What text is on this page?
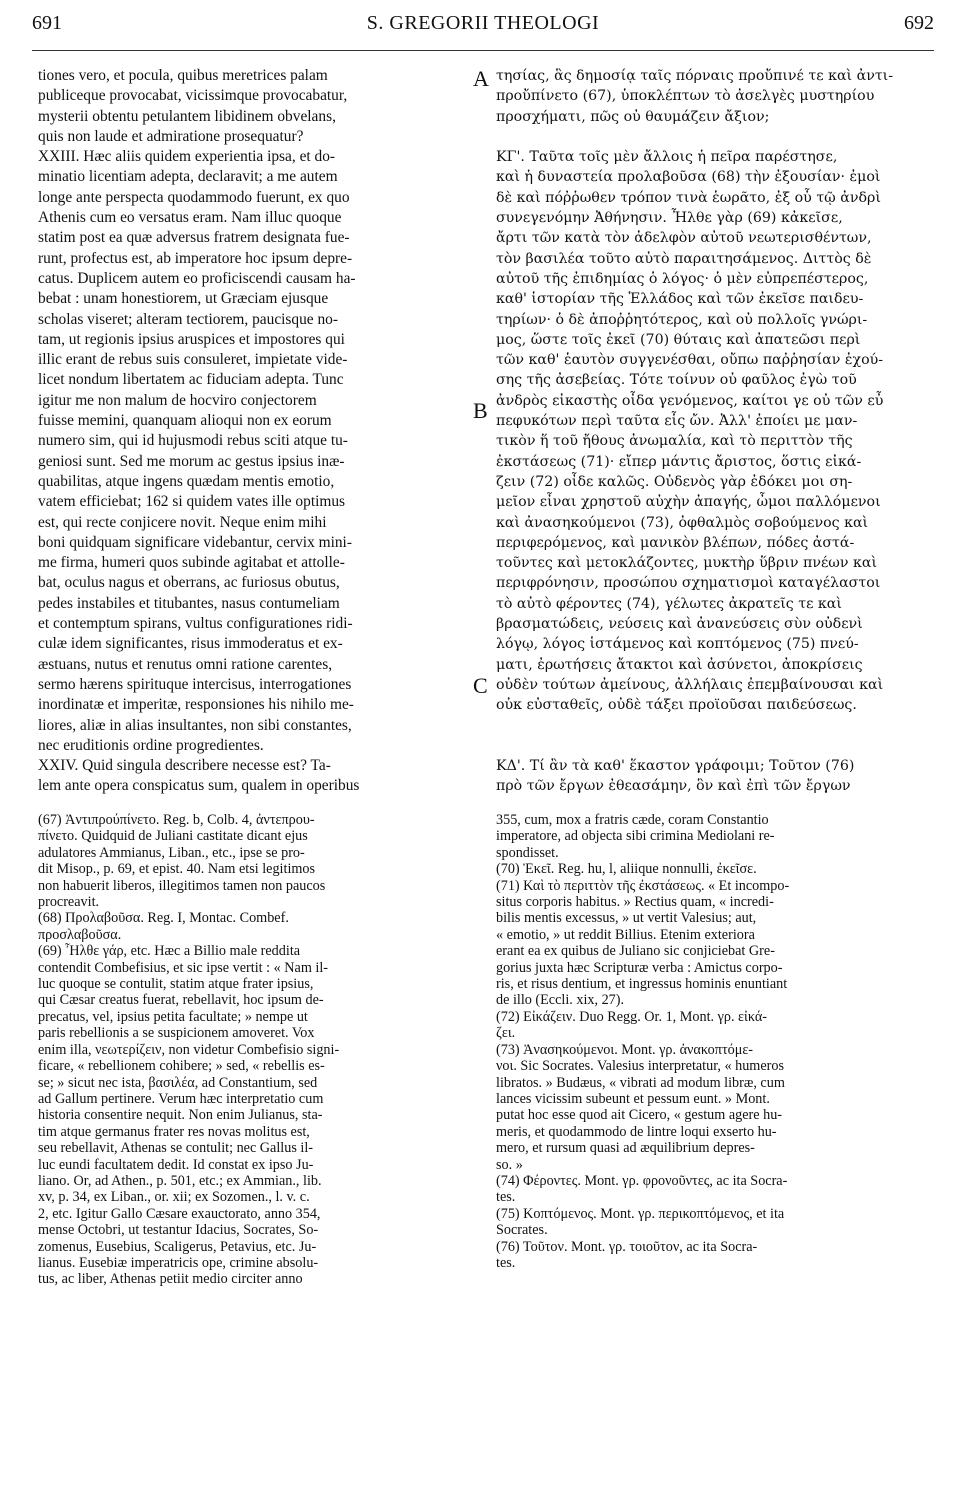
S. GREGORII THEOLOGI
691	692
A
B
C

tiones vero, et pocula, quibus meretrices palam

publiceque provocabat, vicissimque provocabatur,

mysterii obtentu petulantem libidinem obvelans,

quis non laude et admiratione prosequatur?

XXIII. Hæc aliis quidem experientia ipsa, et do-

minatio licentiam adepta, declaravit; a me autem

longe ante perspecta quodammodo fuerunt, ex quo

Athenis cum eo versatus eram. Nam illuc quoque

statim post ea quæ adversus fratrem designata fue-

runt, profectus est, ab imperatore hoc ipsum depre-

catus. Duplicem autem eo proficiscendi causam ha-

bebat : unam honestiorem, ut Græciam ejusque

scholas viseret; alteram tectiorem, paucisque no-

tam, ut regionis ipsius aruspices et impostores qui

illic erant de rebus suis consuleret, impietate vide-

licet nondum libertatem ac fiduciam adepta. Tunc

igitur me non malum de hocviro conjectorem

fuisse memini, quanquam alioqui non ex eorum

numero sim, qui id hujusmodi rebus sciti atque tu-

geniosi sunt. Sed me morum ac gestus ipsius inæ-

quabilitas, atque ingens quædam mentis emotio,

vatem efficiebat; 162 si quidem vates ille optimus

est, qui recte conjicere novit. Neque enim mihi

boni quidquam significare videbantur, cervix mini-

me firma, humeri quos subinde agitabat et attolle-

bat, oculus nagus et oberrans, ac furiosus obutus,

pedes instabiles et titubantes, nasus contumeliam

et contemptum spirans, vultus configurationes ridi-

culæ idem significantes, risus immoderatus et ex-

æstuans, nutus et renutus omni ratione carentes,

sermo hærens spirituque intercisus, interrogationes

inordinatæ et imperitæ, responsiones his nihilo me-

liores, aliæ in alias insultantes, non sibi constantes,

nec eruditionis ordine progredientes.

XXIV. Quid singula describere necesse est? Ta-

lem ante opera conspicatus sum, qualem in operibus

τησίας, ἃς δημοσίᾳ ταῖς πόρναις προὔπινέ τε καὶ ἀντι-

προὔπίνετο (67), ὑποκλέπτων τὸ ἀσελγὲς μυστηρίου

προσχήματι, πῶς οὐ θαυμάζειν ἄξιον;

ΚΓ'. Ταῦτα τοῖς μὲν ἄλλοις ἡ πεῖρα παρέστησε,

καὶ ἡ δυναστεία προλαβοῦσα (68) τὴν ἐξουσίαν· ἐμοὶ

δὲ καὶ πόῤῥωθεν τρόπον τινὰ ἑωρᾶτο, ἐξ οὗ τῷ ἀνδρὶ

συνεγενόμην Ἀθήνησιν. Ἦλθε γὰρ (69) κἀκεῖσε,

ἄρτι τῶν κατὰ τὸν ἀδελφὸν αὐτοῦ νεωτερισθέντων,

τὸν βασιλέα τοῦτο αὐτὸ παραιτησάμενος. Διττὸς δὲ

αὐτοῦ τῆς ἐπιδημίας ὁ λόγος· ὁ μὲν εὐπρεπέστερος,

καθ' ἱστορίαν τῆς Ἑλλάδος καὶ τῶν ἐκεῖσε παιδευ-

τηρίων· ὁ δὲ ἀποῤῥητότερος, καὶ οὐ πολλοῖς γνώρι-

μος, ὥστε τοῖς ἐκεῖ (70) θύταις καὶ ἀπατεῶσι περὶ

τῶν καθ' ἑαυτὸν συγγενέσθαι, οὔπω παῤῥησίαν ἐχού-

σης τῆς ἀσεβείας. Τότε τοίνυν οὐ φαῦλος ἐγὼ τοῦ

ἀνδρὸς εἰκαστὴς οἶδα γενόμενος, καίτοι γε οὐ τῶν εὖ

πεφυκότων περὶ ταῦτα εἷς ὤν. Ἀλλ' ἐποίει με μαν-

τικὸν ἥ τοῦ ἤθους ἀνωμαλία, καὶ τὸ περιττὸν τῆς

ἐκστάσεως (71)· εἴπερ μάντις ἄριστος, ὅστις εἰκά-

ζειν (72) οἶδε καλῶς. Οὐδενὸς γὰρ ἐδόκει μοι ση-

μεῖον εἶναι χρηστοῦ αὐχὴν ἀπαγής, ὦμοι παλλόμενοι

καὶ ἀνασηκούμενοι (73), ὀφθαλμὸς σοβούμενος καὶ

περιφερόμενος, καὶ μανικὸν βλέπων, πόδες ἀστά-

τοῦντες καὶ μετοκλάζοντες, μυκτὴρ ὕβριν πνέων καὶ

περιφρόνησιν, προσώπου σχηματισμοὶ καταγέλαστοι

τὸ αὐτὸ φέροντες (74), γέλωτες ἀκρατεῖς τε καὶ

βρασματώδεις, νεύσεις καὶ ἀνανεύσεις σὺν οὐδενὶ

λόγῳ, λόγος ἱστάμενος καὶ κοπτόμενος (75) πνεύ-

ματι, ἐρωτήσεις ἄτακτοι καὶ ἀσύνετοι, ἀποκρίσεις

οὐδὲν τούτων ἀμείνους, ἀλλήλαις ἐπεμβαίνουσαι καὶ

οὐκ εὐσταθεῖς, οὐδὲ τάξει προϊοῦσαι παιδεύσεως.

ΚΔ'. Τί ἂν τὰ καθ' ἕκαστον γράφοιμι; Τοῦτον (76)

πρὸ τῶν ἔργων ἐθεασάμην, ὃν καὶ ἐπὶ τῶν ἔργων

(67) Ἀντιπρούπίνετο. Reg. b, Colb. 4, ἀντεπρου-

πίνετο. Quidquid de Juliani castitate dicant ejus

adulatores Ammianus, Liban., etc., ipse se pro-

dit Misop., p. 69, et epist. 40. Nam etsi legitimos

non habuerit liberos, illegitimos tamen non paucos

procreavit.

(68) Προλαβοῦσα. Reg. I, Montac. Combef.

προσλαβοῦσα.

(69) Ἦλθε γάρ, etc. Hæc a Billio male reddita

contendit Combefisius, et sic ipse vertit : « Nam il-

luc quoque se contulit, statim atque frater ipsius,

qui Cæsar creatus fuerat, rebellavit, hoc ipsum de-

precatus, vel, ipsius petita facultate; » nempe ut

paris rebellionis a se suspicionem amoveret. Vox

enim illa, νεωτερίζειν, non videtur Combefisio signi-

ficare, « rebellionem cohibere; » sed, « rebellis es-

se; » sicut nec ista, βασιλέα, ad Constantium, sed

ad Gallum pertinere. Verum hæc interpretatio cum

historia consentire nequit. Non enim Julianus, sta-

tim atque germanus frater res novas molitus est,

seu rebellavit, Athenas se contulit; nec Gallus il-

luc eundi facultatem dedit. Id constat ex ipso Ju-

liano. Or, ad Athen., p. 501, etc.; ex Ammian., lib.

xv, p. 34, ex Liban., or. xii; ex Sozomen., l. v. c.

2, etc. Igitur Gallo Cæsare exauctorato, anno 354,

mense Octobri, ut testantur Idacius, Socrates, So-

zomenus, Eusebius, Scaligerus, Petavius, etc. Ju-

lianus. Eusebiæ imperatricis ope, crimine absolu-

tus, ac liber, Athenas petiit medio circiter anno

355, cum, mox a fratris cæde, coram Constantio

imperatore, ad objecta sibi crimina Mediolani re-

spondisset.

(70) Ἐκεῖ. Reg. hu, l, aliique nonnulli, ἐκεῖσε.

(71) Καὶ τὸ περιττὸν τῆς ἐκστάσεως. « Et incompo-

situs corporis habitus. » Rectius quam, « incredi-

bilis mentis excessus, » ut vertit Valesius; aut,

« emotio, » ut reddit Billius. Etenim exteriora

erant ea ex quibus de Juliano sic conjiciebat Gre-

gorius juxta hæc Scripturæ verba : Amictus corpo-

ris, et risus dentium, et ingressus hominis enuntiant

de illo (Eccli. xix, 27).

(72) Εἰκάζειν. Duo Regg. Or. 1, Mont. γρ. εἰκά-

ζει.

(73) Ἀνασηκούμενοι. Mont. γρ. ἀνακοπτόμε-

νοι. Sic Socrates. Valesius interpretatur, « humeros

libratos. » Budæus, « vibrati ad modum libræ, cum

lances vicissim subeunt et pessum eunt. » Mont.

putat hoc esse quod ait Cicero, « gestum agere hu-

meris, et quodammodo de lintre loqui exserto hu-

mero, et rursum quasi ad æquilibrium depres-

so. »

(74) Φέροντες. Mont. γρ. φρονοῦντες, ac ita Socra-

tes.

(75) Κοπτόμενος. Mont. γρ. περικοπτόμενος, et ita

Socrates.

(76) Τοῦτον. Mont. γρ. τοιοῦτον, ac ita Socra-

tes.
